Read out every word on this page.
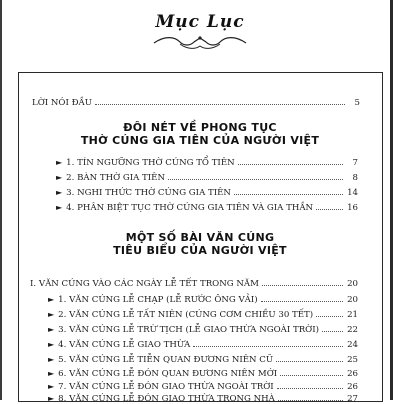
Mục Lục
LỜI NÓI ĐẦU	5
ĐÔI NÉT VỀ PHONG TỤC
THỜ CÚNG GIA TIÊN CỦA NGƯỜI VIỆT
► 1. TÍN NGƯỠNG THỜ CÚNG TỔ TIÊN	7
► 2. BÀN THỜ GIA TIÊN	8
► 3. NGHI THỨC THỜ CÚNG GIA TIÊN	14
► 4. PHÂN BIỆT TỤC THỜ CÚNG GIA TIÊN VÀ GIA THẦN	16
MỘT SỐ BÀI VĂN CÚNG
TIÊU BIỂU CỦA NGƯỜI VIỆT
I. VĂN CÚNG VÀO CÁC NGÀY LỄ TẾT TRONG NĂM	20
► 1. VĂN CÚNG LỄ CHẠP (LỄ RƯỚC ÔNG VẢI)	20
► 2. VĂN CÚNG LỄ TẤT NIÊN (CÚNG CƠM CHIỀU 30 TẾT)	21
► 3. VĂN CÚNG LỄ TRỪ TỊCH (LỄ GIAO THỪA NGOÀI TRỜI)	22
► 4. VĂN CÚNG LỄ GIAO THỪA	24
► 5. VĂN CÚNG LỄ TIỄN QUAN ĐƯƠNG NIÊN CŨ	25
► 6. VĂN CÚNG LỄ ĐÓN QUAN ĐƯƠNG NIÊN MỚI	26
► 7. VĂN CÚNG LỄ ĐÓN GIAO THỪA NGOÀI TRỜI	26
► 8. VĂN CÚNG LỄ ĐÓN GIAO THỪA TRONG NHÀ	27
